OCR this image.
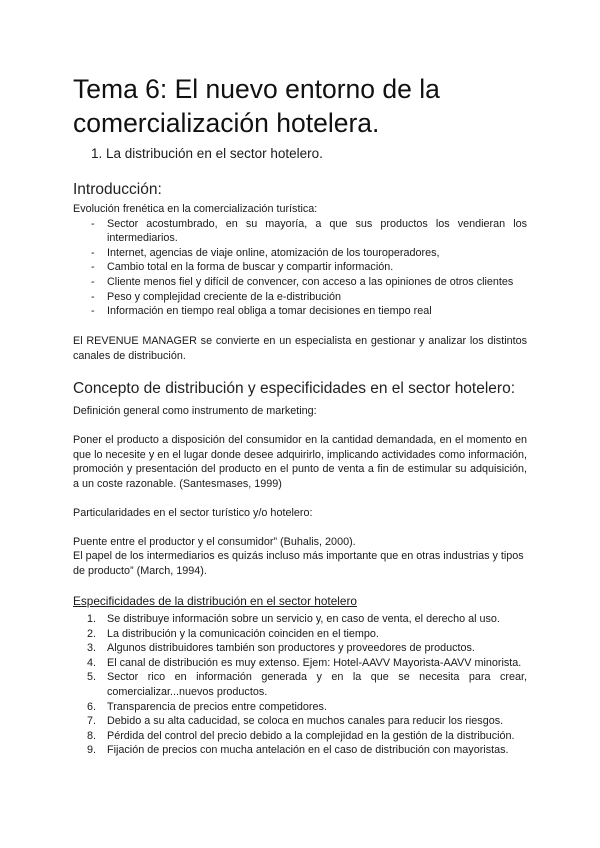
Tema 6: El nuevo entorno de la comercialización hotelera.
1. La distribución en el sector hotelero.
Introducción:
Evolución frenética en la comercialización turística:
- Sector acostumbrado, en su mayoría, a que sus productos los vendieran los intermediarios.
- Internet, agencias de viaje online, atomización de los touroperadores,
- Cambio total en la forma de buscar y compartir información.
- Cliente menos fiel y difícil de convencer, con acceso a las opiniones de otros clientes
- Peso y complejidad creciente de la e-distribución
- Información en tiempo real obliga a tomar decisiones en tiempo real
El REVENUE MANAGER se convierte en un especialista en gestionar y analizar los distintos canales de distribución.
Concepto de distribución y especificidades en el sector hotelero:
Definición general como instrumento de marketing:
Poner el producto a disposición del consumidor en la cantidad demandada, en el momento en que lo necesite y en el lugar donde desee adquirirlo, implicando actividades como información, promoción y presentación del producto en el punto de venta a fin de estimular su adquisición, a un coste razonable. (Santesmases, 1999)
Particularidades en el sector turístico y/o hotelero:
Puente entre el productor y el consumidor” (Buhalis, 2000).
El papel de los intermediarios es quizás incluso más importante que en otras industrias y tipos de producto” (March, 1994).
Especificidades de la distribución en el sector hotelero
1. Se distribuye información sobre un servicio y, en caso de venta, el derecho al uso.
2. La distribución y la comunicación coinciden en el tiempo.
3. Algunos distribuidores también son productores y proveedores de productos.
4. El canal de distribución es muy extenso. Ejem: Hotel-AAVV Mayorista-AAVV minorista.
5. Sector rico en información generada y en la que se necesita para crear, comercializar...nuevos productos.
6. Transparencia de precios entre competidores.
7. Debido a su alta caducidad, se coloca en muchos canales para reducir los riesgos.
8. Pérdida del control del precio debido a la complejidad en la gestión de la distribución.
9. Fijación de precios con mucha antelación en el caso de distribución con mayoristas.
